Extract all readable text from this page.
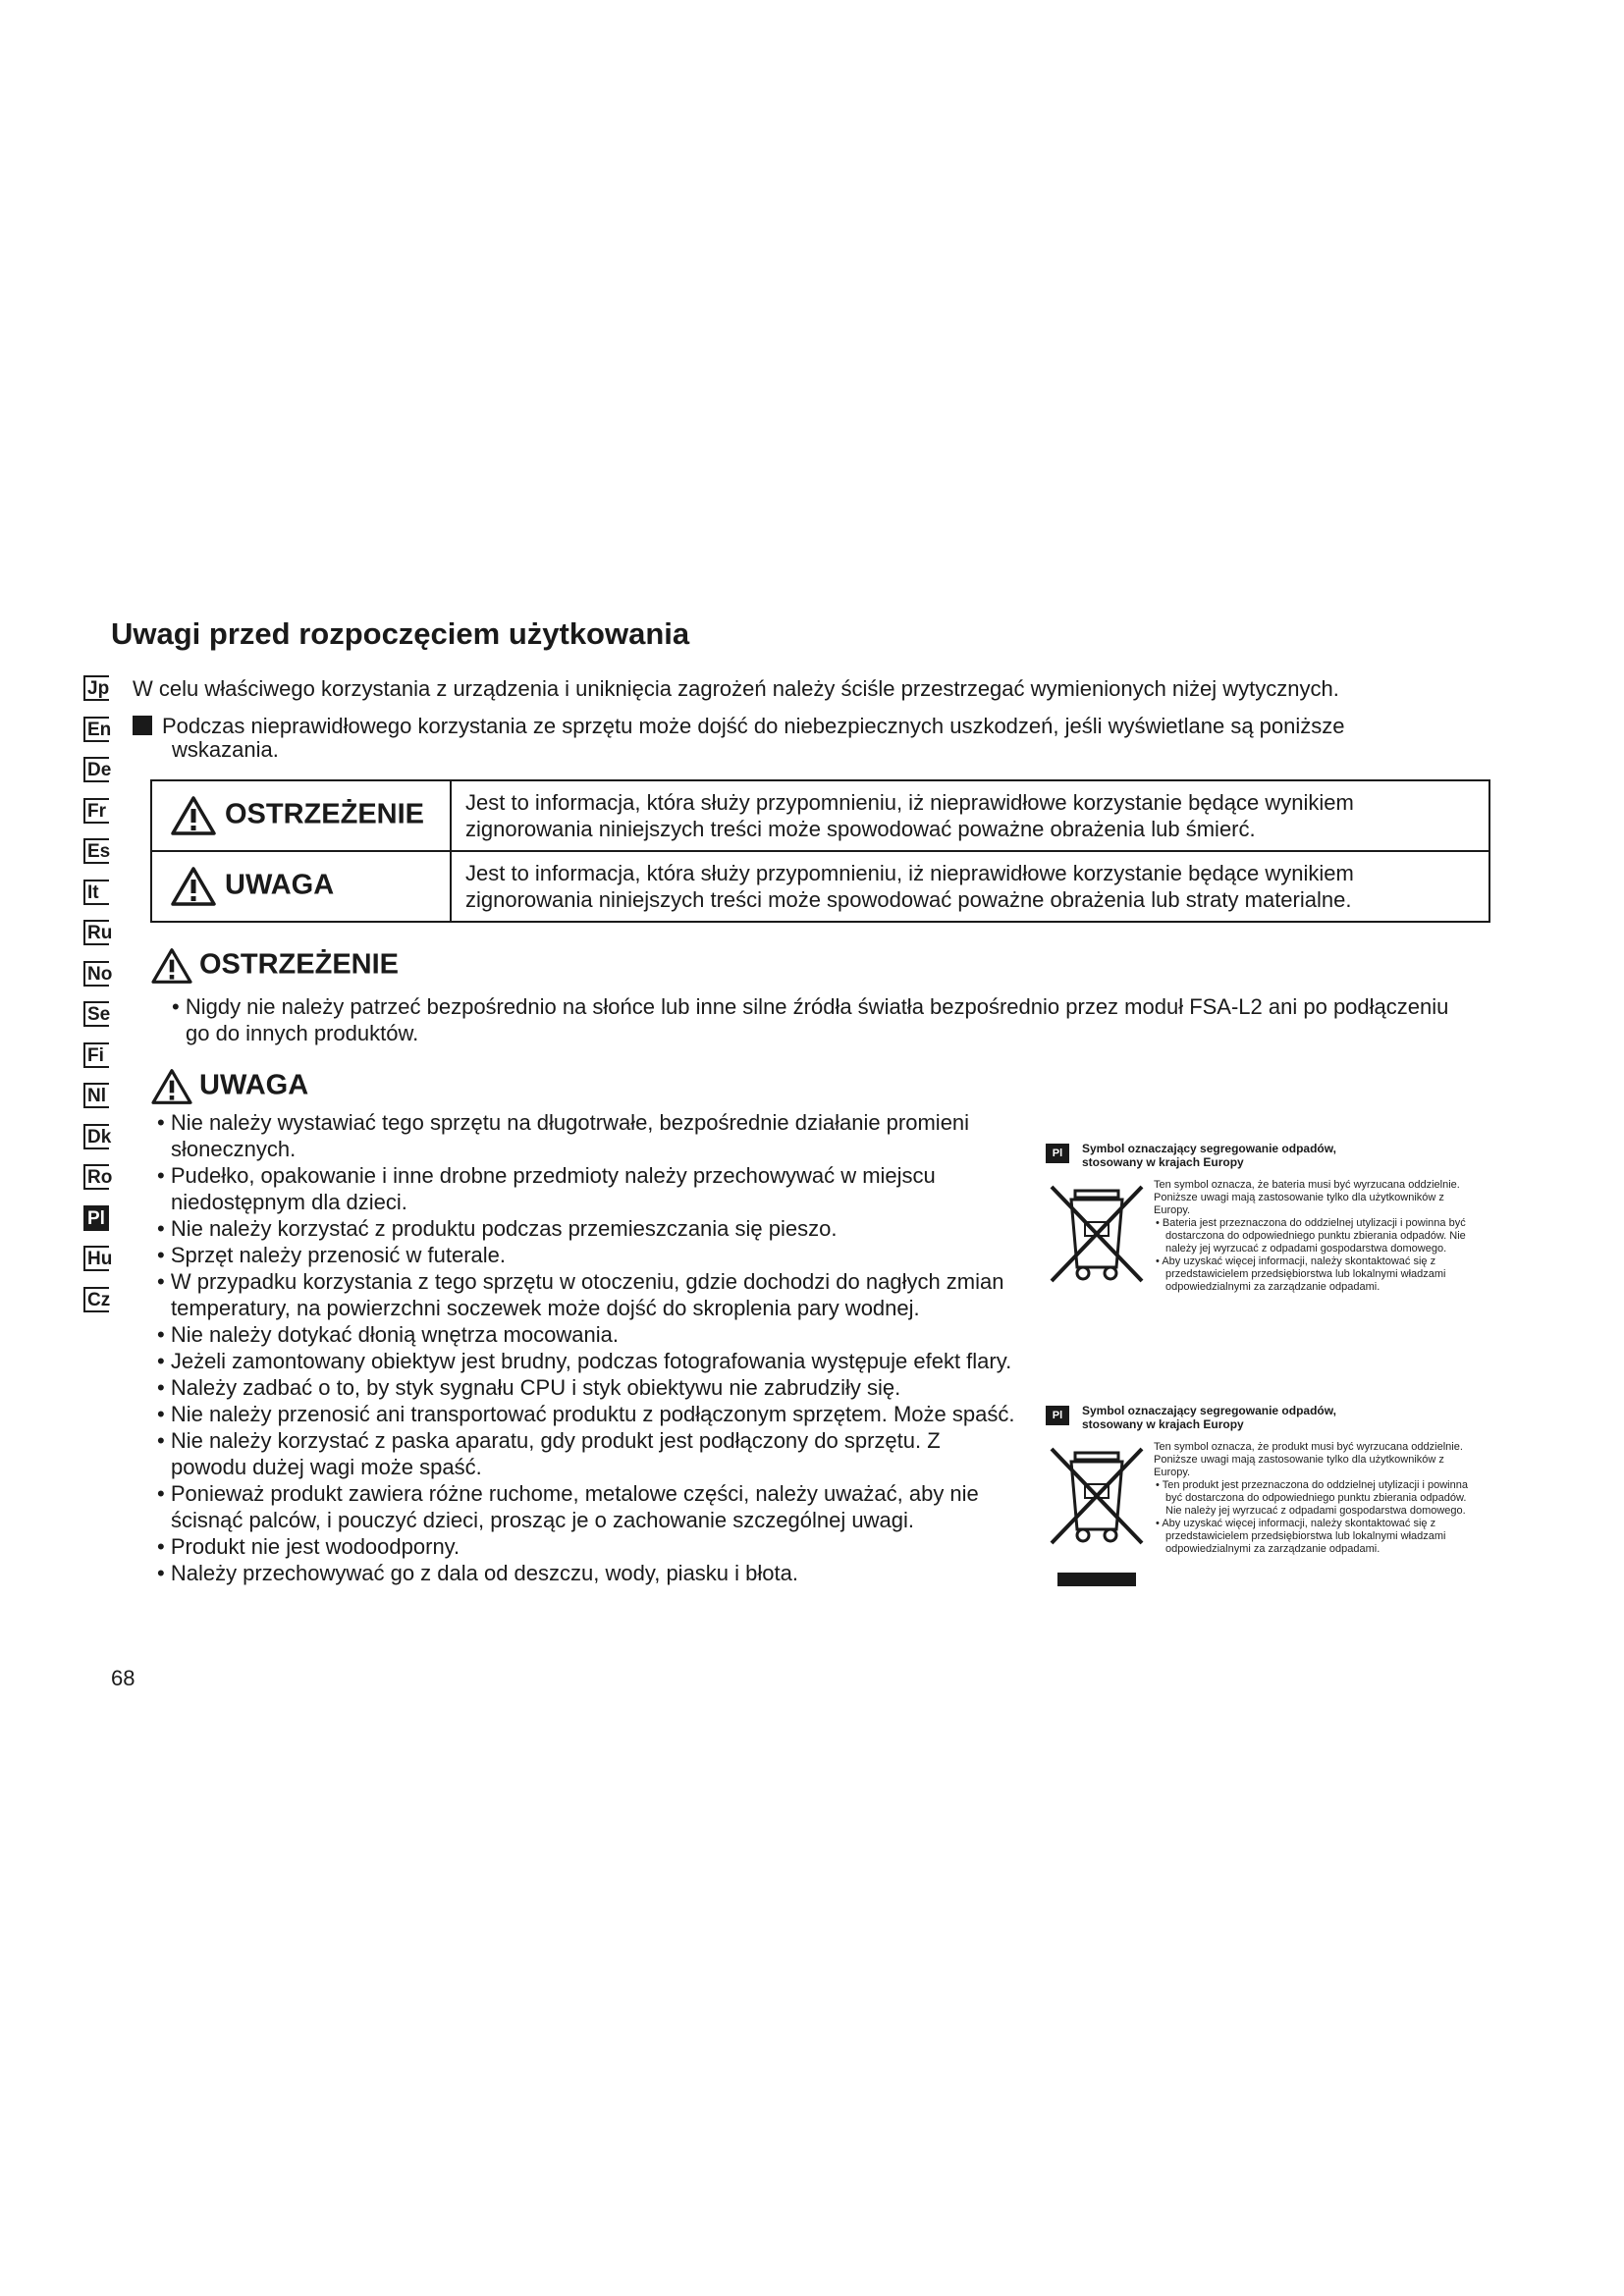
Uwagi przed rozpoczęciem użytkowania
Jp
En
De
Fr
Es
It
Ru
No
Se
Fi
Nl
Dk
Ro
Pl
Hu
Cz
W celu właściwego korzystania z urządzenia i uniknięcia zagrożeń należy ściśle przestrzegać wymienionych niżej wytycznych.
Podczas nieprawidłowego korzystania ze sprzętu może dojść do niebezpiecznych uszkodzeń, jeśli wyświetlane są poniższe
wskazania.
OSTRZEŻENIE	Jest to informacja, która służy przypomnieniu, iż nieprawidłowe korzystanie będące wynikiem zignorowania niniejszych treści może spowodować poważne obrażenia lub śmierć.
UWAGA	Jest to informacja, która służy przypomnieniu, iż nieprawidłowe korzystanie będące wynikiem zignorowania niniejszych treści może spowodować poważne obrażenia lub straty materialne.
OSTRZEŻENIE
• Nigdy nie należy patrzeć bezpośrednio na słońce lub inne silne źródła światła bezpośrednio przez moduł FSA-L2 ani po podłączeniu go do innych produktów.
UWAGA
• Nie należy wystawiać tego sprzętu na długotrwałe, bezpośrednie działanie promieni słonecznych.
• Pudełko, opakowanie i inne drobne przedmioty należy przechowywać w miejscu niedostępnym dla dzieci.
• Nie należy korzystać z produktu podczas przemieszczania się pieszo.
• Sprzęt należy przenosić w futerale.
• W przypadku korzystania z tego sprzętu w otoczeniu, gdzie dochodzi do nagłych zmian temperatury, na powierzchni soczewek może dojść do skroplenia pary wodnej.
• Nie należy dotykać dłonią wnętrza mocowania.
• Jeżeli zamontowany obiektyw jest brudny, podczas fotografowania występuje efekt flary.
• Należy zadbać o to, by styk sygnału CPU i styk obiektywu nie zabrudziły się.
• Nie należy przenosić ani transportować produktu z podłączonym sprzętem. Może spaść.
• Nie należy korzystać z paska aparatu, gdy produkt jest podłączony do sprzętu. Z powodu dużej wagi może spaść.
• Ponieważ produkt zawiera różne ruchome, metalowe części, należy uważać, aby nie ścisnąć palców, i pouczyć dzieci, prosząc je o zachowanie szczególnej uwagi.
• Produkt nie jest wodoodporny.
• Należy przechowywać go z dala od deszczu, wody, piasku i błota.
68
Pl	Symbol oznaczający segregowanie odpadów,
stosowany w krajach Europy

Ten symbol oznacza, że bateria musi być wyrzucana oddzielnie.

Poniższe uwagi mają zastosowanie tylko dla użytkowników z Europy.

• Bateria jest przeznaczona do oddzielnej utylizacji i powinna być dostarczona do odpowiedniego punktu zbierania odpadów. Nie należy jej wyrzucać z odpadami gospodarstwa domowego.
• Aby uzyskać więcej informacji, należy skontaktować się z przedstawicielem przedsiębiorstwa lub lokalnymi władzami odpowiedzialnymi za zarządzanie odpadami.
Pl	Symbol oznaczający segregowanie odpadów,
stosowany w krajach Europy

Ten symbol oznacza, że produkt musi być wyrzucana oddzielnie.

Poniższe uwagi mają zastosowanie tylko dla użytkowników z Europy.

• Ten produkt jest przeznaczona do oddzielnej utylizacji i powinna być dostarczona do odpowiedniego punktu zbierania odpadów. Nie należy jej wyrzucać z odpadami gospodarstwa domowego.
• Aby uzyskać więcej informacji, należy skontaktować się z przedstawicielem przedsiębiorstwa lub lokalnymi władzami odpowiedzialnymi za zarządzanie odpadami.
